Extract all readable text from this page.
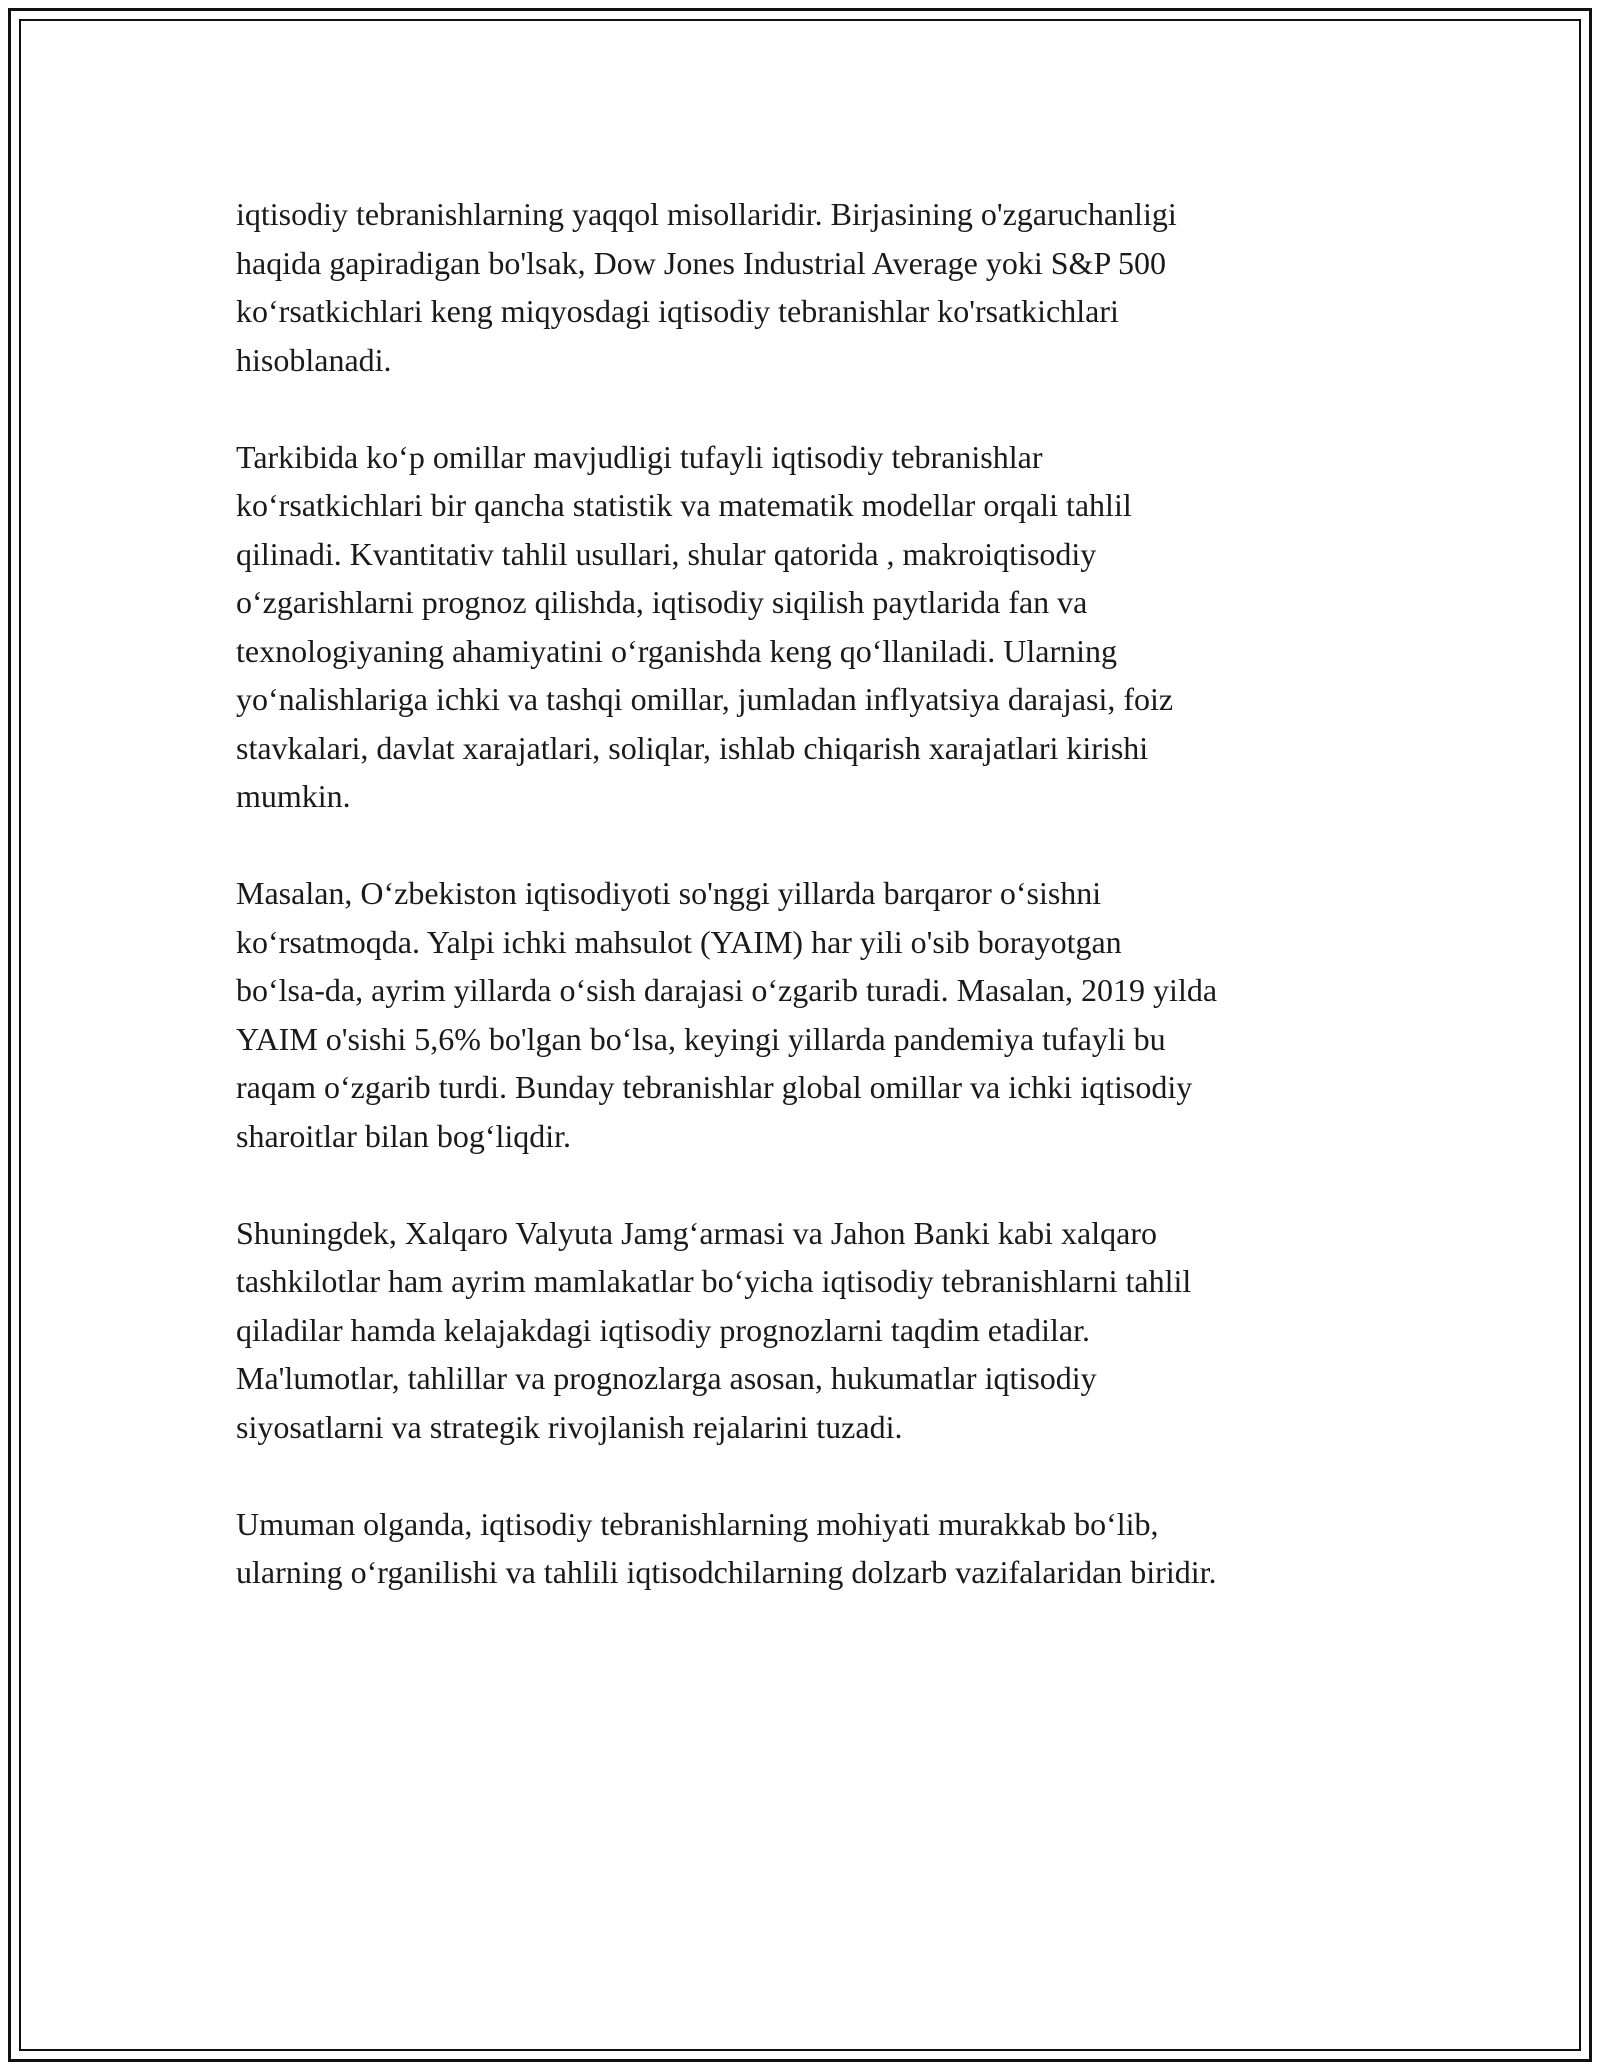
iqtisodiy tebranishlarning yaqqol misollaridir. Birjasining o'zgaruchanligi
haqida gapiradigan bo'lsak, Dow Jones Industrial Average yoki S&P 500
ko‘rsatkichlari keng miqyosdagi iqtisodiy tebranishlar ko'rsatkichlari
hisoblanadi.

Tarkibida ko‘p omillar mavjudligi tufayli iqtisodiy tebranishlar
ko‘rsatkichlari bir qancha statistik va matematik modellar orqali tahlil
qilinadi. Kvantitativ tahlil usullari, shular qatorida , makroiqtisodiy
o‘zgarishlarni prognoz qilishda, iqtisodiy siqilish paytlarida fan va
texnologiyaning ahamiyatini o‘rganishda keng qo‘llaniladi. Ularning
yo‘nalishlariga ichki va tashqi omillar, jumladan inflyatsiya darajasi, foiz
stavkalari, davlat xarajatlari, soliqlar, ishlab chiqarish xarajatlari kirishi
mumkin.

Masalan, O‘zbekiston iqtisodiyoti so'nggi yillarda barqaror o‘sishni
ko‘rsatmoqda. Yalpi ichki mahsulot (YAIM) har yili o'sib borayotgan
bo‘lsa-da, ayrim yillarda o‘sish darajasi o‘zgarib turadi. Masalan, 2019 yilda
YAIM o'sishi 5,6% bo'lgan bo‘lsa, keyingi yillarda pandemiya tufayli bu
raqam o‘zgarib turdi. Bunday tebranishlar global omillar va ichki iqtisodiy
sharoitlar bilan bog‘liqdir.

Shuningdek, Xalqaro Valyuta Jamg‘armasi va Jahon Banki kabi xalqaro
tashkilotlar ham ayrim mamlakatlar bo‘yicha iqtisodiy tebranishlarni tahlil
qiladilar hamda kelajakdagi iqtisodiy prognozlarni taqdim etadilar.
Ma'lumotlar, tahlillar va prognozlarga asosan, hukumatlar iqtisodiy
siyosatlarni va strategik rivojlanish rejalarini tuzadi.

Umuman olganda, iqtisodiy tebranishlarning mohiyati murakkab bo‘lib,
ularning o‘rganilishi va tahlili iqtisodchilarning dolzarb vazifalaridan biridir.
